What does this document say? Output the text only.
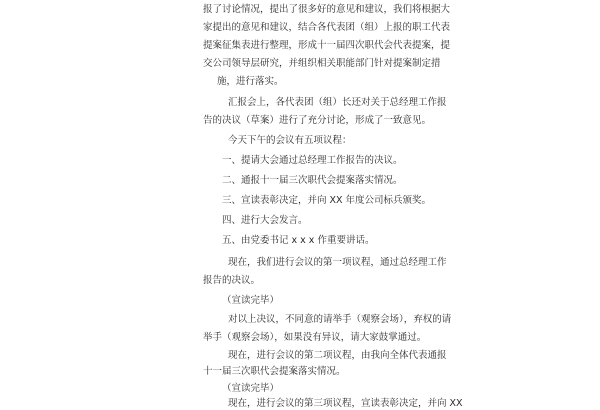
报了讨论情况，提出了很多好的意见和建议，我们将根据大
家提出的意见和建议，结合各代表团（组）上报的职工代表
提案征集表进行整理，形成十一届四次职代会代表提案，提
交公司领导层研究，并组织相关职能部门针对提案制定措
施，进行落实。
汇报会上，各代表团（组）长还对关于总经理工作报
告的决议（草案）进行了充分讨论，形成了一致意见。
今天下午的会议有五项议程：
一、提请大会通过总经理工作报告的决议。
二、通报十一届三次职代会提案落实情况。
三、宣读表彰决定，并向 XX 年度公司标兵颁奖。
四、进行大会发言。
五、由党委书记 x x x 作重要讲话。
现在，我们进行会议的第一项议程，通过总经理工作
报告的决议。
（宣读完毕）
对以上决议，不同意的请举手（观察会场），弃权的请
举手（观察会场），如果没有异议，请大家鼓掌通过。
现在，进行会议的第二项议程，由我向全体代表通报
十一届三次职代会提案落实情况。
（宣读完毕）
现在，进行会议的第三项议程，宣读表彰决定，并向 XX
